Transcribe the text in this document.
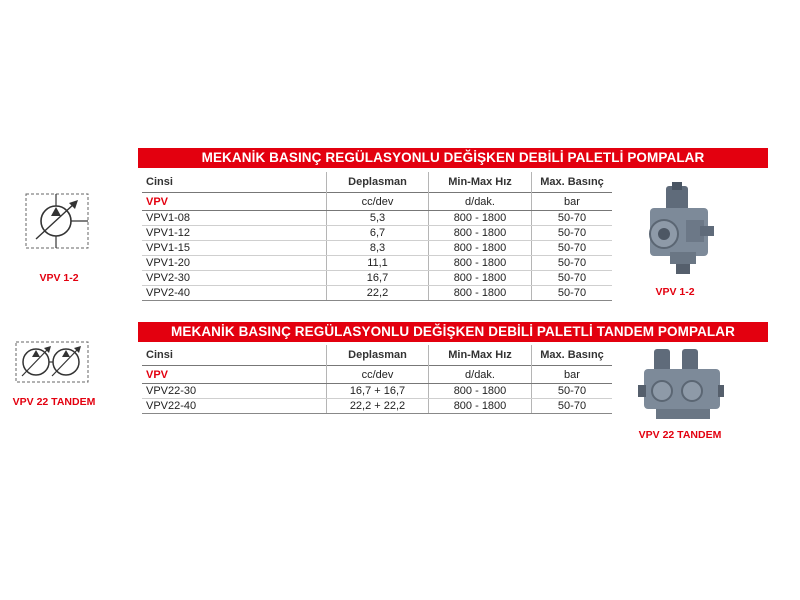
MEKANİK BASINÇ REGÜLASYONLU DEĞİŞKEN DEBİLİ PALETLİ POMPALAR
Cinsi	Deplasman	Min-Max Hız	Max. Basınç
VPV	cc/dev	d/dak.	bar
VPV1-08	5,3	800 - 1800	50-70
VPV1-12	6,7	800 - 1800	50-70
VPV1-15	8,3	800 - 1800	50-70
VPV1-20	11,1	800 - 1800	50-70
VPV2-30	16,7	800 - 1800	50-70
VPV2-40	22,2	800 - 1800	50-70
VPV 1-2
VPV 1-2
MEKANİK BASINÇ REGÜLASYONLU DEĞİŞKEN DEBİLİ PALETLİ TANDEM POMPALAR
Cinsi	Deplasman	Min-Max Hız	Max. Basınç
VPV	cc/dev	d/dak.	bar
VPV22-30	16,7 + 16,7	800 - 1800	50-70
VPV22-40	22,2 + 22,2	800 - 1800	50-70
VPV 22 TANDEM
VPV 22 TANDEM
